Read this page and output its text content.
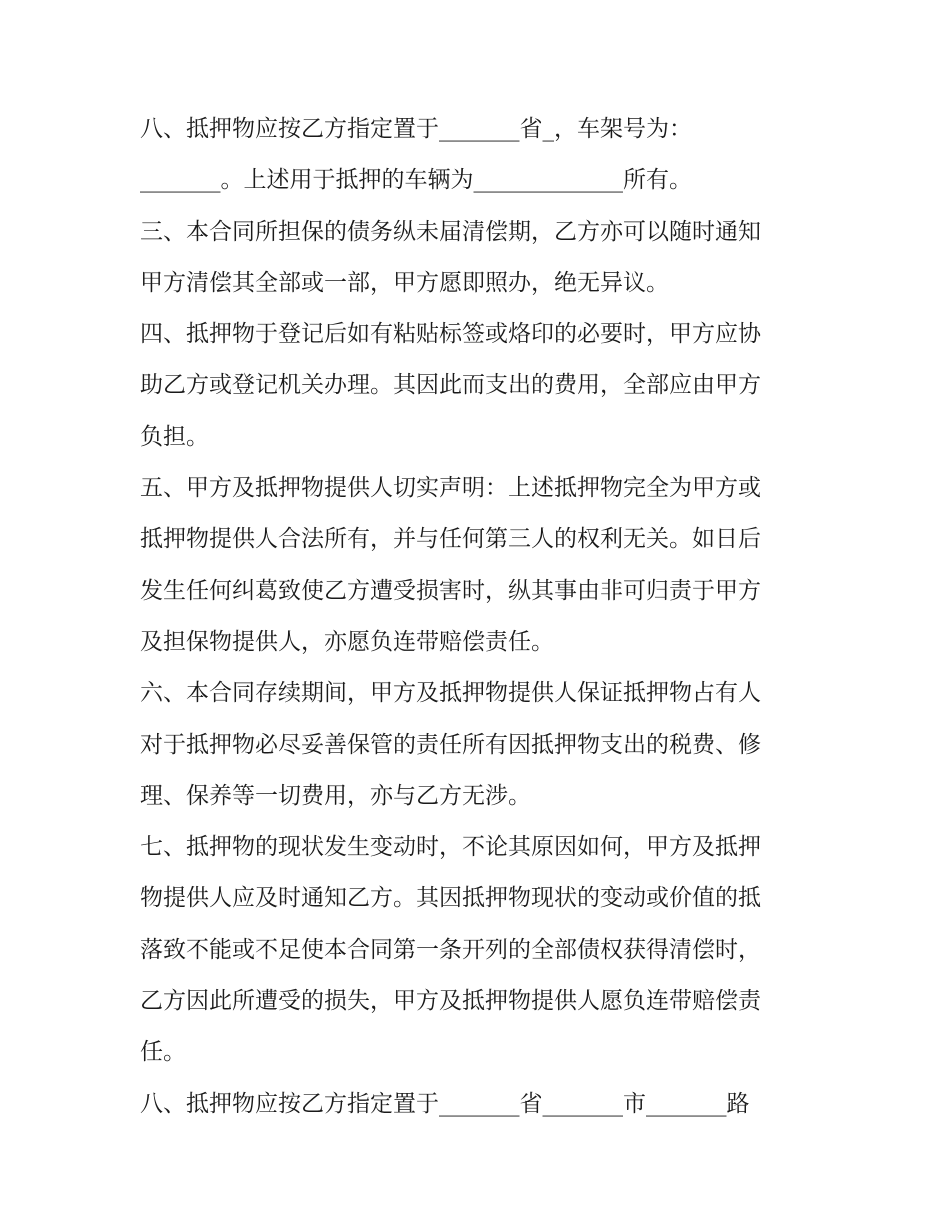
八、抵押物应按乙方指定置于_______省_，车架号为：
_______。上述用于抵押的车辆为_____________所有。
三、本合同所担保的债务纵未届清偿期，乙方亦可以随时通知
甲方清偿其全部或一部，甲方愿即照办，绝无异议。
四、抵押物于登记后如有粘贴标签或烙印的必要时，甲方应协
助乙方或登记机关办理。其因此而支出的费用，全部应由甲方
负担。
五、甲方及抵押物提供人切实声明：上述抵押物完全为甲方或
抵押物提供人合法所有，并与任何第三人的权利无关。如日后
发生任何纠葛致使乙方遭受损害时，纵其事由非可归责于甲方
及担保物提供人，亦愿负连带赔偿责任。
六、本合同存续期间，甲方及抵押物提供人保证抵押物占有人
对于抵押物必尽妥善保管的责任所有因抵押物支出的税费、修
理、保养等一切费用，亦与乙方无涉。
七、抵押物的现状发生变动时，不论其原因如何，甲方及抵押
物提供人应及时通知乙方。其因抵押物现状的变动或价值的抵
落致不能或不足使本合同第一条开列的全部债权获得清偿时，
乙方因此所遭受的损失，甲方及抵押物提供人愿负连带赔偿责
任。
八、抵押物应按乙方指定置于_______省_______市_______路
